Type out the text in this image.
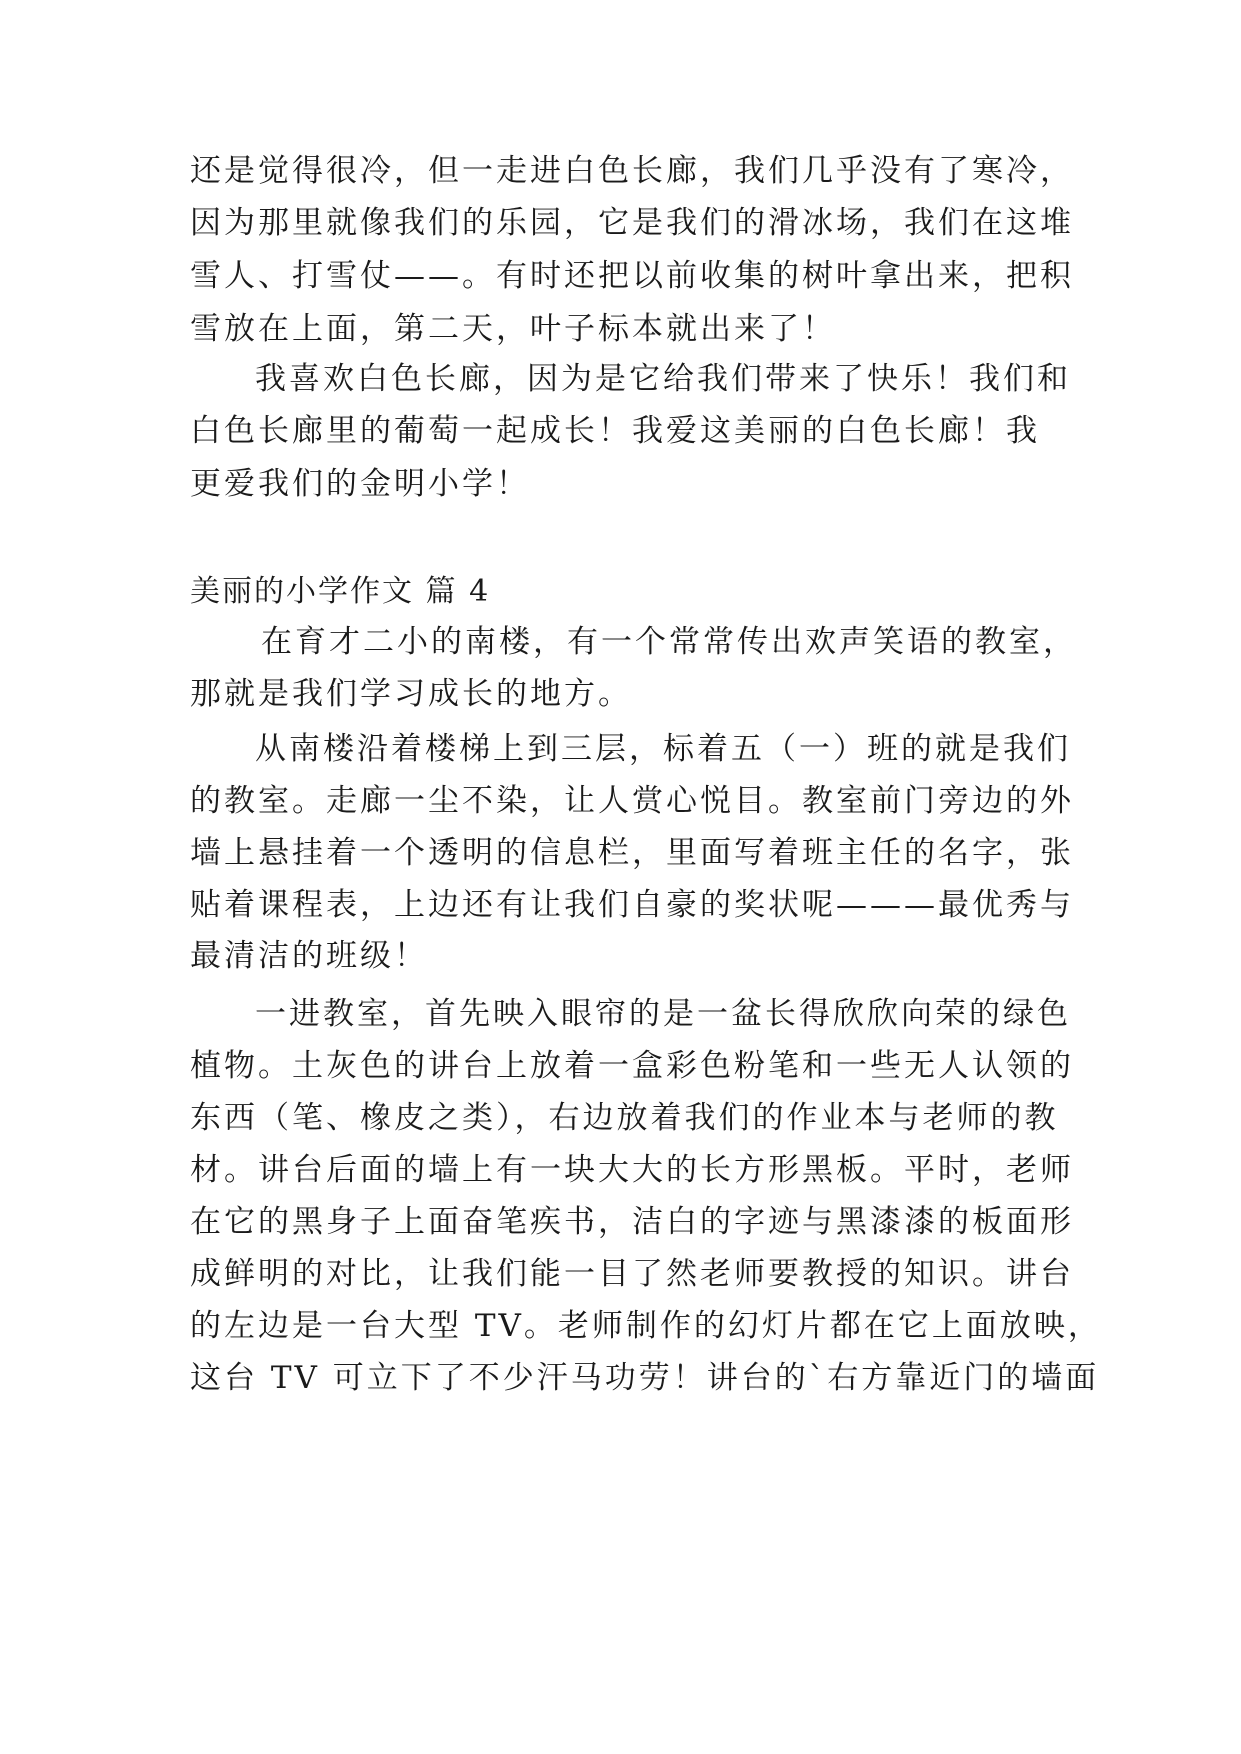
还是觉得很冷，但一走进白色长廊，我们几乎没有了寒冷，
因为那里就像我们的乐园，它是我们的滑冰场，我们在这堆
雪人、打雪仗——。有时还把以前收集的树叶拿出来，把积
雪放在上面，第二天，叶子标本就出来了！
我喜欢白色长廊，因为是它给我们带来了快乐！我们和
白色长廊里的葡萄一起成长！我爱这美丽的白色长廊！我
更爱我们的金明小学！
美丽的小学作文 篇 4
在育才二小的南楼，有一个常常传出欢声笑语的教室，
那就是我们学习成长的地方。
从南楼沿着楼梯上到三层，标着五（一）班的就是我们
的教室。走廊一尘不染，让人赏心悦目。教室前门旁边的外
墙上悬挂着一个透明的信息栏，里面写着班主任的名字，张
贴着课程表，上边还有让我们自豪的奖状呢———最优秀与
最清洁的班级！
一进教室，首先映入眼帘的是一盆长得欣欣向荣的绿色
植物。土灰色的讲台上放着一盒彩色粉笔和一些无人认领的
东西（笔、橡皮之类），右边放着我们的作业本与老师的教
材。讲台后面的墙上有一块大大的长方形黑板。平时，老师
在它的黑身子上面奋笔疾书，洁白的字迹与黑漆漆的板面形
成鲜明的对比，让我们能一目了然老师要教授的知识。讲台
的左边是一台大型 TV。老师制作的幻灯片都在它上面放映，
这台 TV 可立下了不少汗马功劳！讲台的`右方靠近门的墙面
